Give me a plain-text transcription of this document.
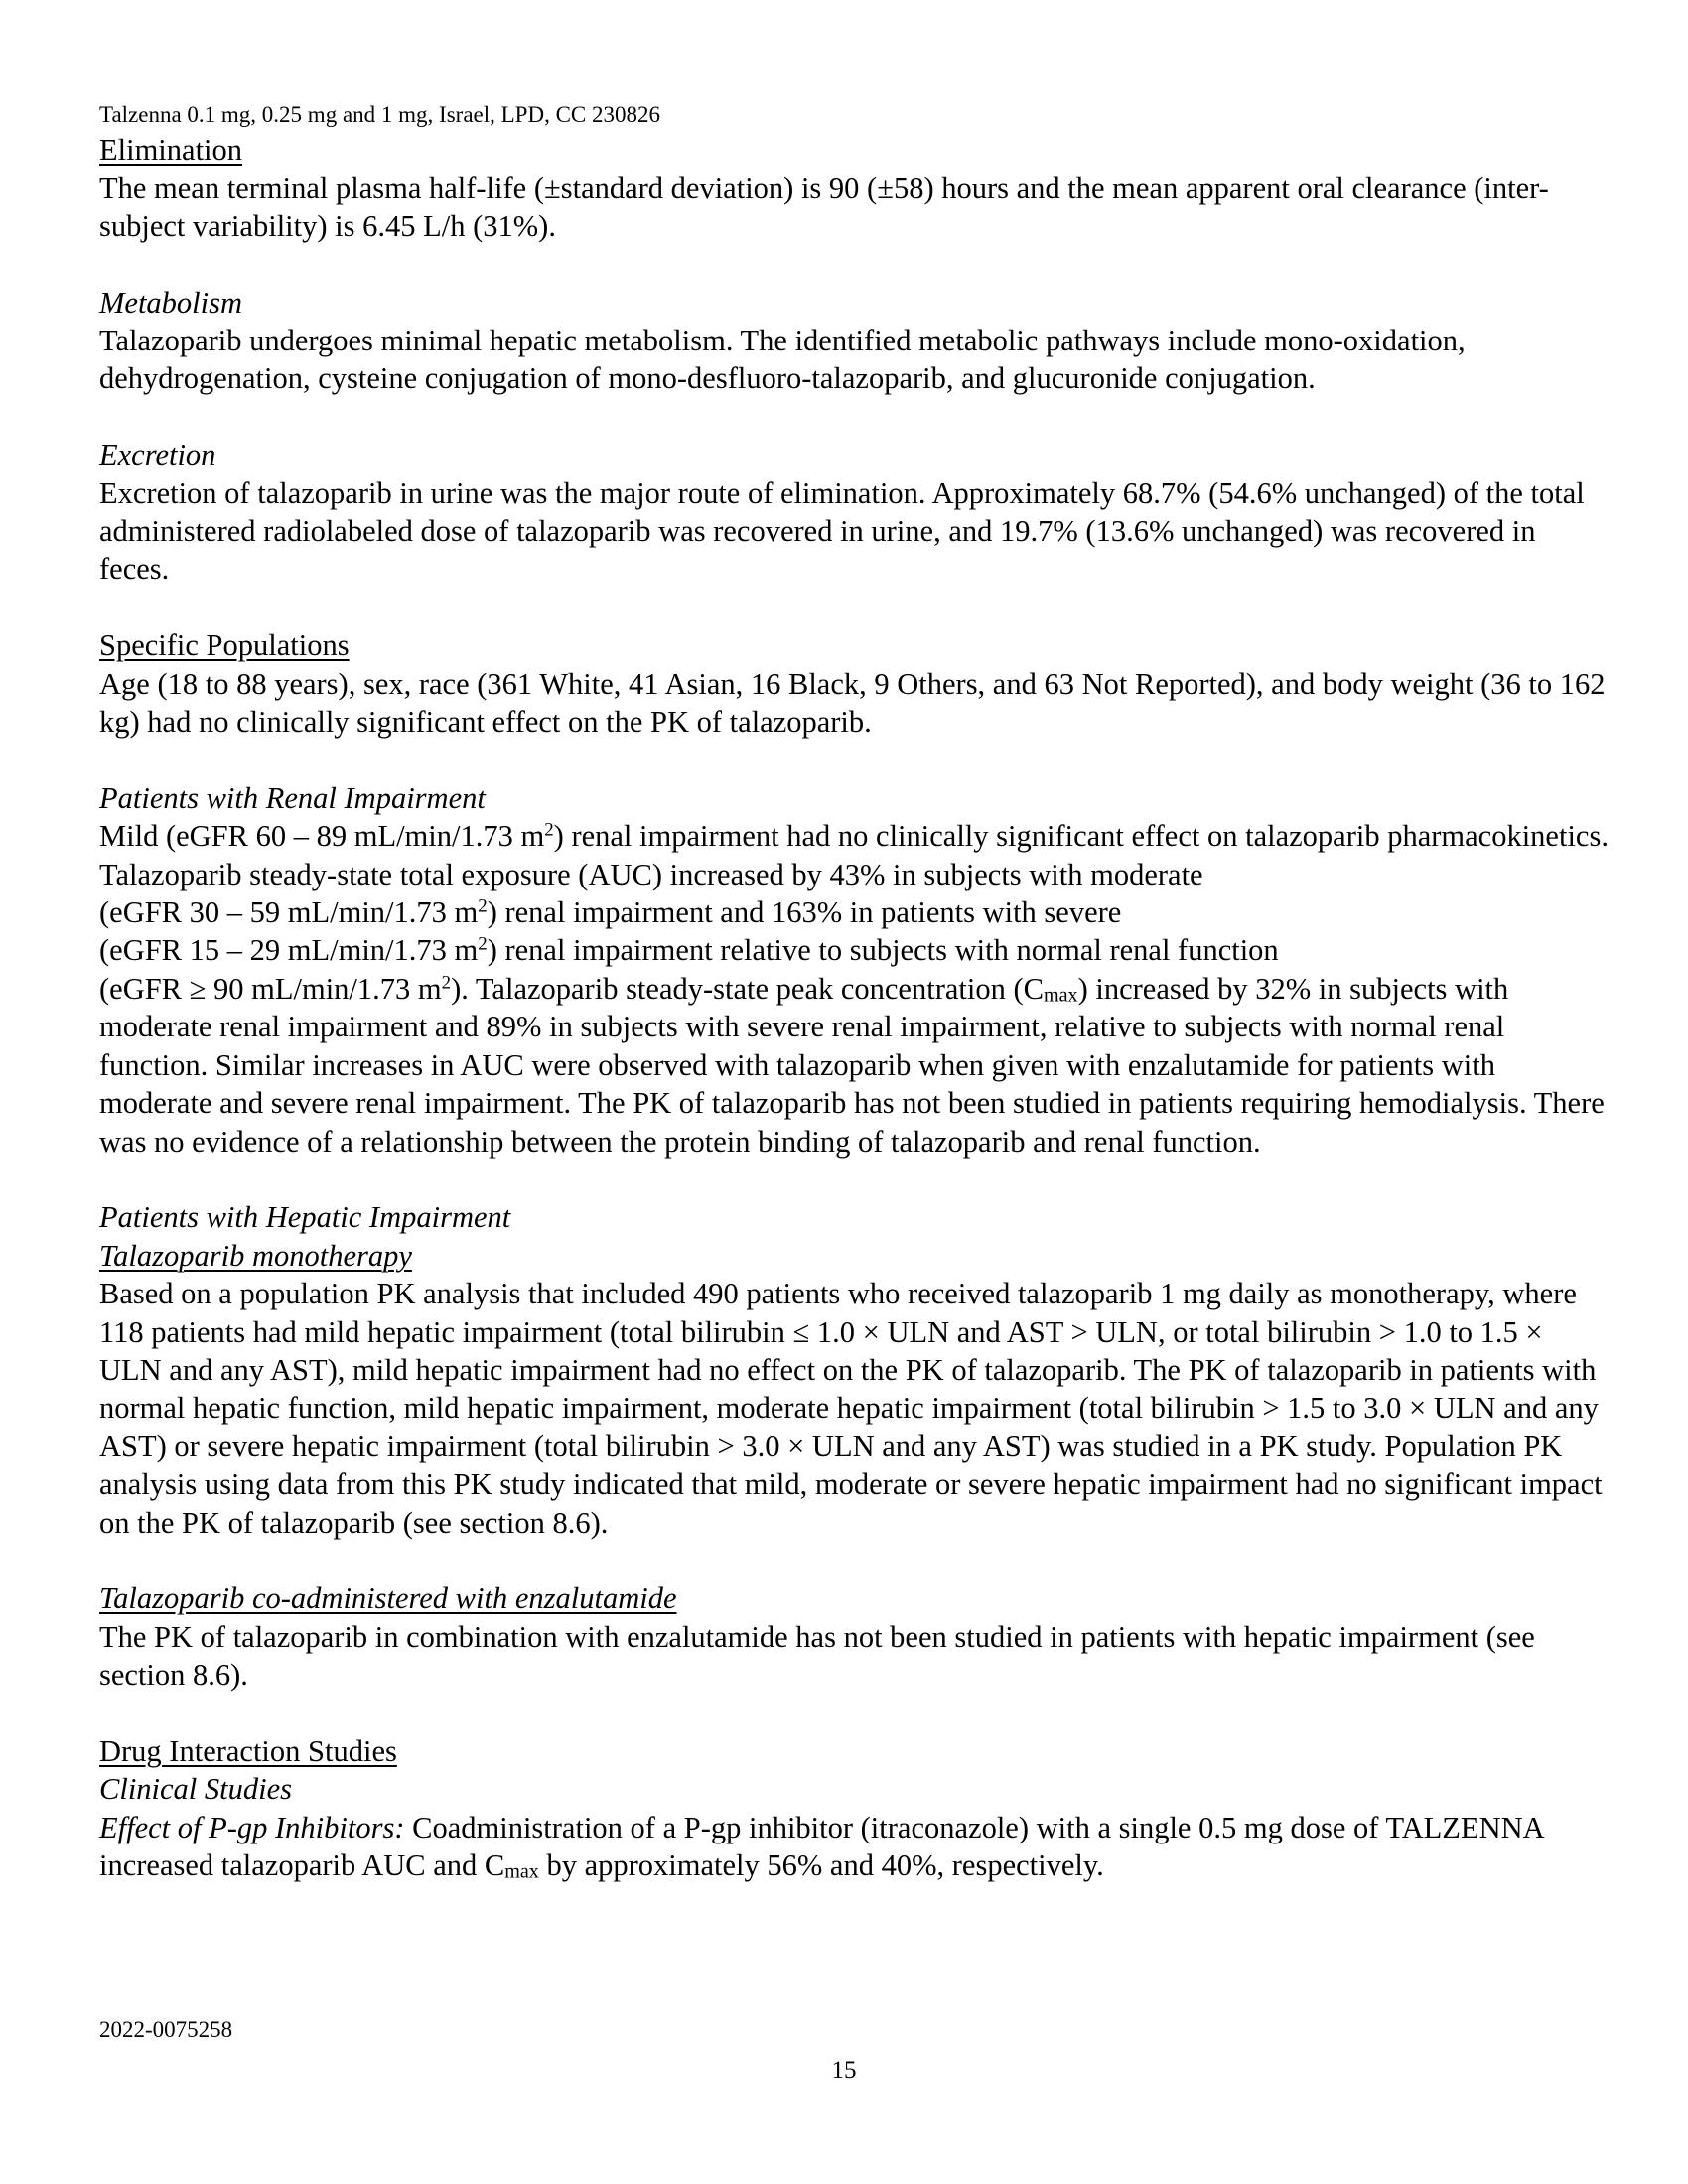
Talzenna 0.1 mg, 0.25 mg and 1 mg, Israel, LPD, CC 230826
Elimination

The mean terminal plasma half-life (±standard deviation) is 90 (±58) hours and the mean apparent oral clearance (inter-subject variability) is 6.45 L/h (31%).

Metabolism

Talazoparib undergoes minimal hepatic metabolism. The identified metabolic pathways include mono-oxidation, dehydrogenation, cysteine conjugation of mono-desfluoro-talazoparib, and glucuronide conjugation.

Excretion

Excretion of talazoparib in urine was the major route of elimination. Approximately 68.7% (54.6% unchanged) of the total administered radiolabeled dose of talazoparib was recovered in urine, and 19.7% (13.6% unchanged) was recovered in feces.

Specific Populations

Age (18 to 88 years), sex, race (361 White, 41 Asian, 16 Black, 9 Others, and 63 Not Reported), and body weight (36 to 162 kg) had no clinically significant effect on the PK of talazoparib.

Patients with Renal Impairment

Mild (eGFR 60 – 89 mL/min/1.73 $m^2$) renal impairment had no clinically significant effect on talazoparib pharmacokinetics. Talazoparib steady-state total exposure (AUC) increased by 43% in subjects with moderate
(eGFR 30 – 59 mL/min/1.73 $m^2$) renal impairment and 163% in patients with severe
(eGFR 15 – 29 mL/min/1.73 $m^2$) renal impairment relative to subjects with normal renal function
(eGFR ≥ 90 mL/min/1.73 $m^2$). Talazoparib steady-state peak concentration $(C_{max})$ increased by 32% in subjects with moderate renal impairment and 89% in subjects with severe renal impairment, relative to subjects with normal renal function. Similar increases in AUC were observed with talazoparib when given with enzalutamide for patients with moderate and severe renal impairment. The PK of talazoparib has not been studied in patients requiring hemodialysis. There was no evidence of a relationship between the protein binding of talazoparib and renal function.

Patients with Hepatic Impairment
Talazoparib monotherapy

Based on a population PK analysis that included 490 patients who received talazoparib 1 mg daily as monotherapy, where 118 patients had mild hepatic impairment (total bilirubin ≤ 1.0 × ULN and AST > ULN, or total bilirubin > 1.0 to 1.5 × ULN and any AST), mild hepatic impairment had no effect on the PK of talazoparib. The PK of talazoparib in patients with normal hepatic function, mild hepatic impairment, moderate hepatic impairment (total bilirubin > 1.5 to 3.0 × ULN and any AST) or severe hepatic impairment (total bilirubin > 3.0 × ULN and any AST) was studied in a PK study. Population PK analysis using data from this PK study indicated that mild, moderate or severe hepatic impairment had no significant impact on the PK of talazoparib (see section 8.6).

Talazoparib co-administered with enzalutamide

The PK of talazoparib in combination with enzalutamide has not been studied in patients with hepatic impairment (see section 8.6).

Drug Interaction Studies
Clinical Studies

Effect of P-gp Inhibitors: Coadministration of a P-gp inhibitor (itraconazole) with a single 0.5 mg dose of TALZENNA increased talazoparib AUC and $C_{max}$ by approximately 56% and 40%, respectively.

2022-0075258
15
